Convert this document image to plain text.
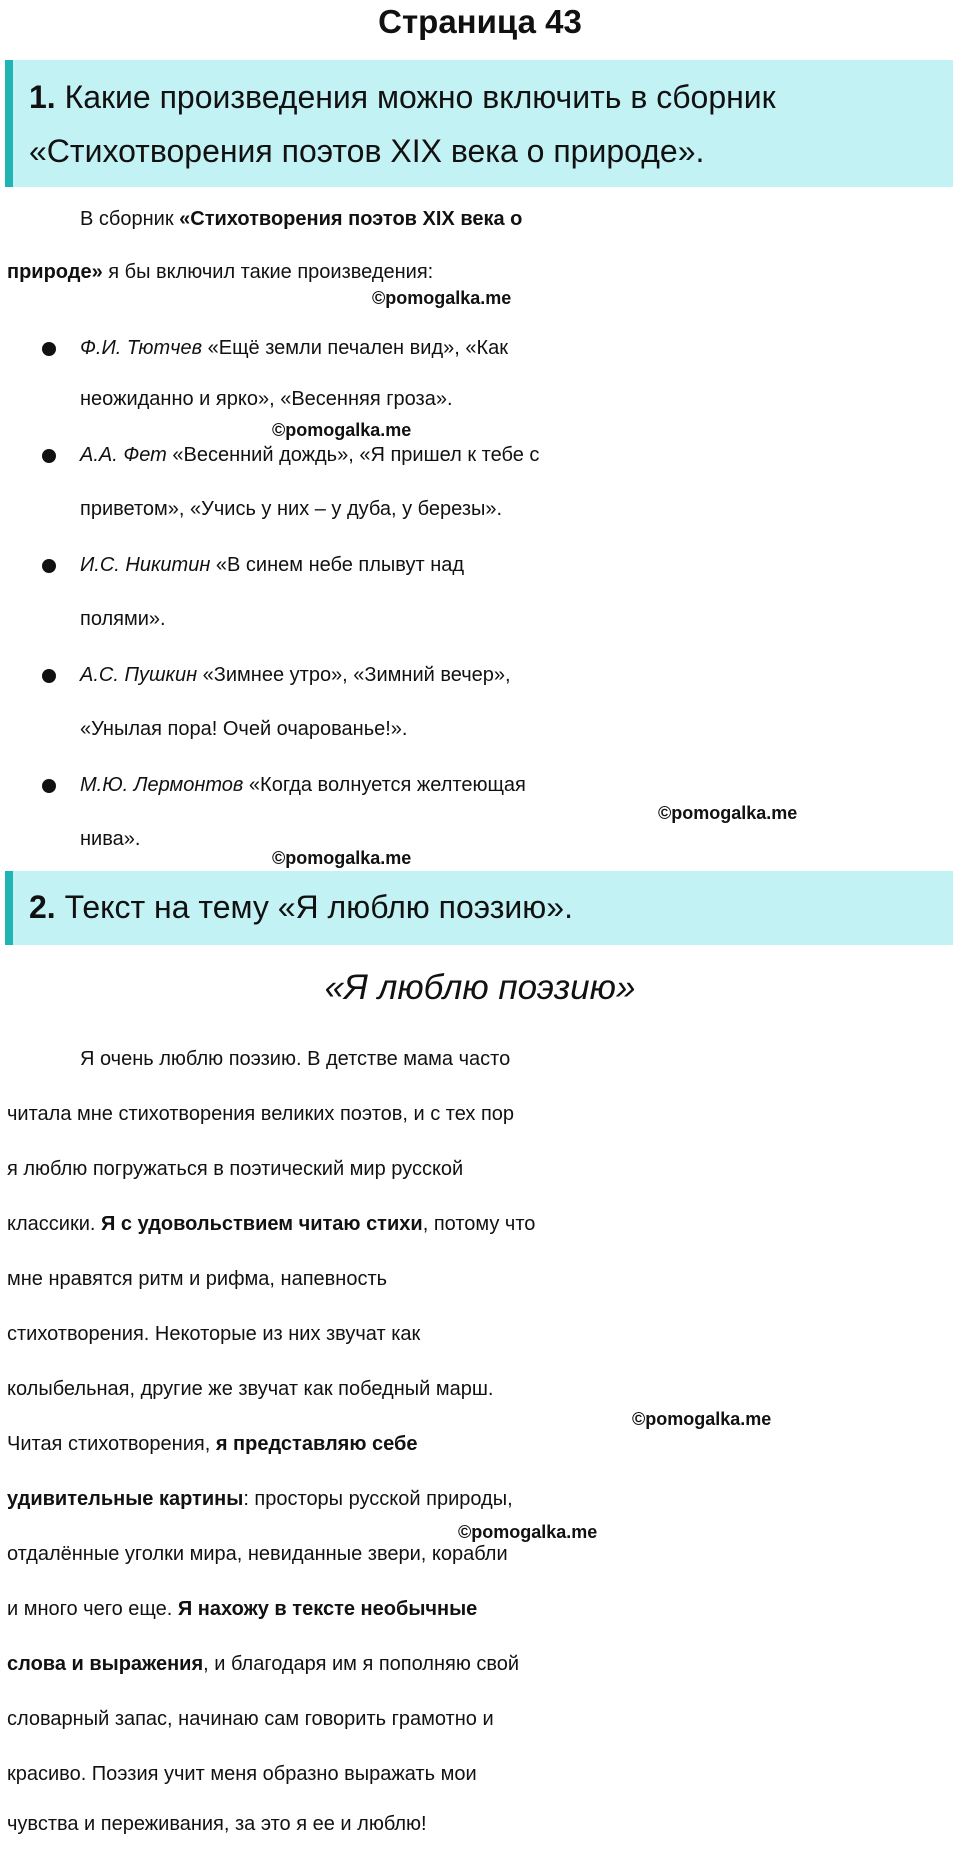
Страница 43
1. Какие произведения можно включить в сборник
«Стихотворения поэтов XIX века о природе».
В сборник «Стихотворения поэтов XIX века о
природе» я бы включил такие произведения:
©pomogalka.me
Ф.И. Тютчев «Ещё земли печален вид», «Как
неожиданно и ярко», «Весенняя гроза».
©pomogalka.me
А.А. Фет «Весенний дождь», «Я пришел к тебе с
приветом», «Учись у них – у дуба, у березы».
И.С. Никитин «В синем небе плывут над
полями».
А.С. Пушкин «Зимнее утро», «Зимний вечер»,
«Унылая пора! Очей очарованье!».
М.Ю. Лермонтов «Когда волнуется желтеющая
©pomogalka.me
нива».
©pomogalka.me
2. Текст на тему «Я люблю поэзию».
«Я люблю поэзию»
Я очень люблю поэзию. В детстве мама часто
читала мне стихотворения великих поэтов, и с тех пор
я люблю погружаться в поэтический мир русской
классики. Я с удовольствием читаю стихи, потому что
мне нравятся ритм и рифма, напевность
стихотворения. Некоторые из них звучат как
колыбельная, другие же звучат как победный марш.
©pomogalka.me
Читая стихотворения, я представляю себе
удивительные картины: просторы русской природы,
©pomogalka.me
отдалённые уголки мира, невиданные звери, корабли
и много чего еще. Я нахожу в тексте необычные
слова и выражения, и благодаря им я пополняю свой
словарный запас, начинаю сам говорить грамотно и
красиво. Поэзия учит меня образно выражать мои
чувства и переживания, за это я ее и люблю!
